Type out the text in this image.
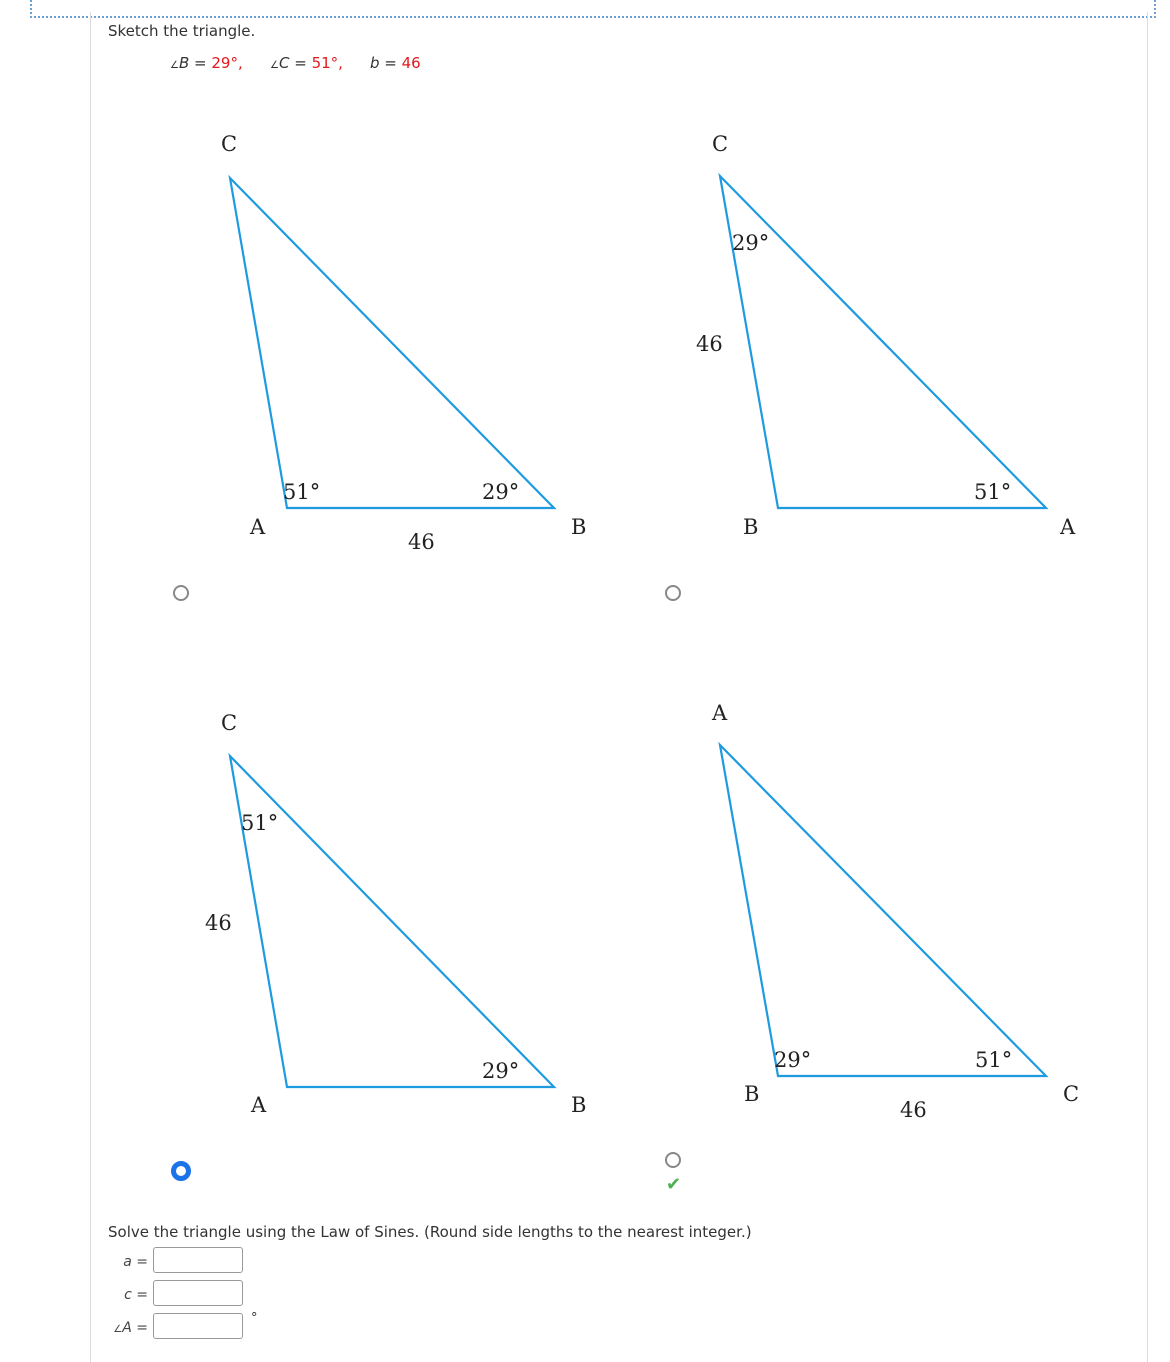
Sketch the triangle.
∠B = 29°,	∠C = 51°, b = 46
C
A	B
51°	29°
46
C
B	A
29°
51°
46
C
A	B
51°
29°
46
A
B	C
29°	51°
46
✔
Solve the triangle using the Law of Sines. (Round side lengths to the nearest integer.)
a =
c =
∠A =
°
